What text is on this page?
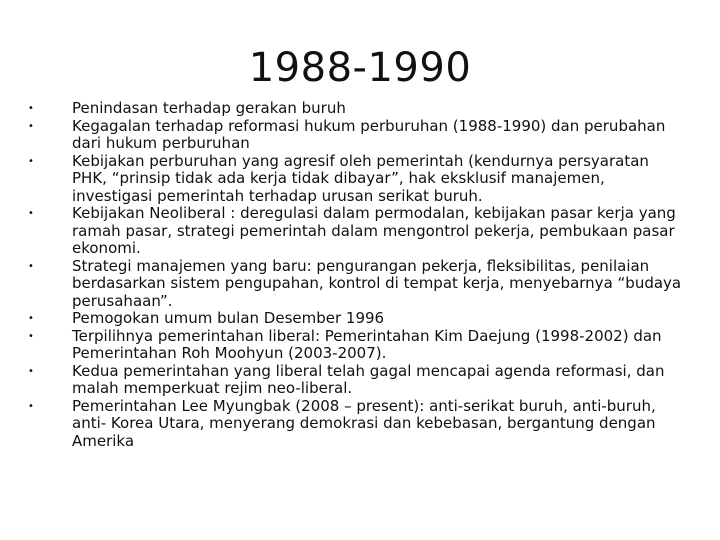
1988-1990
•	Penindasan terhadap gerakan buruh
•	Kegagalan terhadap reformasi hukum perburuhan (1988-1990) dan perubahan dari hukum perburuhan
•	Kebijakan perburuhan yang agresif oleh pemerintah (kendurnya persyaratan PHK, “prinsip tidak ada kerja tidak dibayar”, hak eksklusif manajemen, investigasi pemerintah terhadap urusan serikat buruh.
•	Kebijakan Neoliberal : deregulasi dalam permodalan, kebijakan pasar kerja yang ramah pasar, strategi pemerintah dalam mengontrol pekerja, pembukaan pasar ekonomi.
•	Strategi manajemen yang baru: pengurangan pekerja, fleksibilitas, penilaian berdasarkan sistem pengupahan, kontrol di tempat kerja, menyebarnya “budaya perusahaan”.
•	Pemogokan umum bulan Desember 1996
•	Terpilihnya pemerintahan liberal: Pemerintahan Kim Daejung (1998-2002) dan Pemerintahan Roh Moohyun (2003-2007).
•	Kedua pemerintahan yang liberal telah gagal mencapai agenda reformasi, dan malah memperkuat rejim neo-liberal.
•	Pemerintahan Lee Myungbak (2008 – present): anti-serikat buruh, anti-buruh, anti- Korea Utara, menyerang demokrasi dan kebebasan, bergantung dengan Amerika
